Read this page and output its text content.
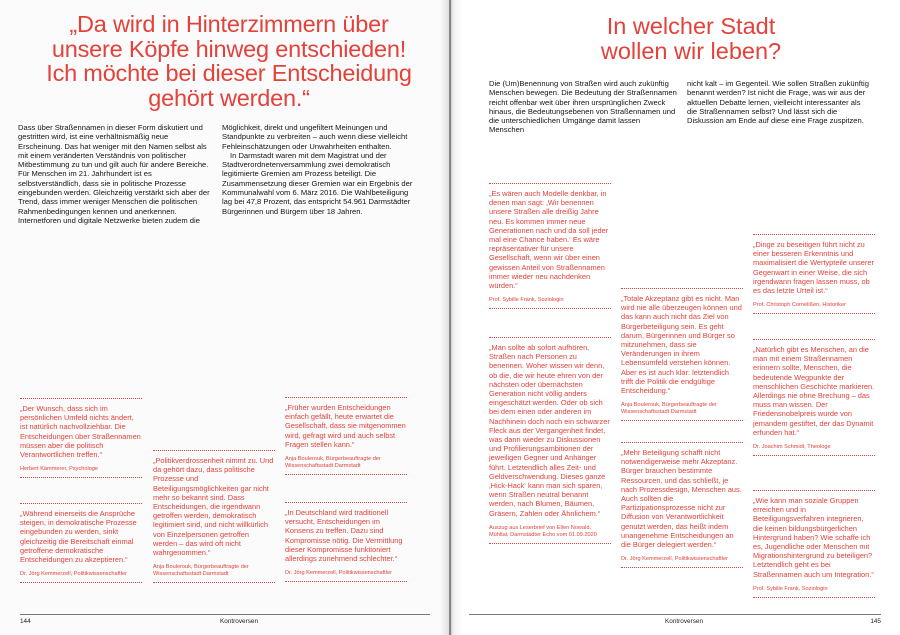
„Da wird in Hinterzimmern über
unsere Köpfe hinweg entschieden!
Ich möchte bei dieser Entscheidung
gehört werden.“

Dass über Straßennamen in dieser Form diskutiert und gestritten wird, ist eine verhältnismäßig neue Erscheinung. Das hat weniger mit den Namen selbst als mit einem veränderten Verständnis von politischer Mitbestimmung zu tun und gilt auch für andere Bereiche. Für Menschen im 21. Jahrhundert ist es selbstverständlich, dass sie in politische Prozesse eingebunden werden. Gleichzeitig verstärkt sich aber der Trend, dass immer weniger Menschen die politischen Rahmenbedingungen kennen und anerkennen. Internetforen und digitale Netzwerke bieten zudem die

Möglichkeit, direkt und ungefiltert Meinungen und Standpunkte zu verbreiten – auch wenn diese vielleicht Fehleinschätzungen oder Unwahrheiten enthalten.

In Darmstadt waren mit dem Magistrat und der Stadtverordnetenversammlung zwei demokratisch legitimierte Gremien am Prozess beteiligt. Die Zusammensetzung dieser Gremien war ein Ergebnis der Kommunalwahl vom 6. März 2016. Die Wahlbeteiligung lag bei 47,8 Prozent, das entspricht 54.961 Darmstädter Bürgerinnen und Bürgern über 18 Jahren.

„Der Wunsch, dass sich im persönlichen Umfeld nichts ändert, ist natürlich nachvollziehbar. Die Entscheidungen über Straßennamen müssen aber die politisch Verantwortlichen treffen.“

Herbert Kämmerer, Psychologe

„Während einerseits die Ansprüche steigen, in demokratische Prozesse eingebunden zu werden, sinkt gleichzeitig die Bereitschaft einmal getroffene demokratische Entscheidungen zu akzeptieren.“

Dr. Jörg Kemmerzell, Politikwissenschaftler

„Politikverdrossenheit nimmt zu. Und da gehört dazu, dass politische Prozesse und Beteiligungsmöglichkeiten gar nicht mehr so bekannt sind. Dass Entscheidungen, die irgendwann getroffen werden, demokratisch legitimiert sind, und nicht willkürlich von Einzelpersonen getroffen werden – das wird oft nicht wahrgenommen.“

Anja Boulerouk, Bürgerbeauftragte der Wissenschaftsstadt Darmstadt

„Früher wurden Entscheidungen einfach gefällt, heute erwartet die Gesellschaft, dass sie mitgenommen wird, gefragt wird und auch selbst Fragen stellen kann.“

Anja Boulerouk, Bürgerbeauftragte der Wissenschaftsstadt Darmstadt

„In Deutschland wird traditionell versucht, Entscheidungen im Konsens zu treffen. Dazu sind Kompromisse nötig. Die Vermittlung dieser Kompromisse funktioniert allerdings zunehmend schlechter.“

Dr. Jörg Kemmerzell, Politikwissenschaftler

144	Kontroversen
In welcher Stadt
wollen wir leben?

Die (Um)Benennung von Straßen wird auch zukünftig Menschen bewegen. Die Bedeutung der Straßennamen reicht offenbar weit über ihren ursprünglichen Zweck hinaus, die Bedeutungsebenen von Straßennamen und die unterschiedlichen Umgänge damit lassen Menschen

nicht kalt – im Gegenteil. Wie sollen Straßen zukünftig benannt werden? Ist nicht die Frage, was wir aus der aktuellen Debatte lernen, vielleicht interessanter als die Straßennamen selbst? Und lässt sich die Diskussion am Ende auf diese eine Frage zuspitzen.

„Es wären auch Modelle denkbar, in denen man sagt: ‚Wir benennen unsere Straßen alle dreißig Jahre neu. Es kommen immer neue Generationen nach und da soll jeder mal eine Chance haben.‘ Es wäre repräsentativer für unsere Gesellschaft, wenn wir über einen gewissen Anteil von Straßennamen immer wieder neu nachdenken würden.“

Prof. Sybille Frank, Soziologin

„Man sollte ab sofort aufhören, Straßen nach Personen zu benennen. Woher wissen wir denn, ob die, die wir heute ehren von der nächsten oder übernächsten Generation nicht völlig anders eingeschätzt werden. Oder ob sich bei dem einen oder anderen im Nachhinein doch noch ein schwarzer Fleck aus der Vergangenheit findet, was dann wieder zu Diskussionen und Profilierungsambitionen der jeweiligen Gegner und Anhänger führt. Letztendlich alles Zeit- und Geldverschwendung. Dieses ganze ‚Hick-Hack‘ kann man sich sparen, wenn Straßen neutral benannt werden, nach Blumen, Bäumen, Gräsern, Zahlen oder Ähnlichem.“

Auszug aus Leserbrief von Ellen Nowald, Mühltal, Darmstädter Echo vom 01.09.2020

„Totale Akzeptanz gibt es nicht. Man wird nie alle überzeugen können und das kann auch nicht das Ziel von Bürgerbeteiligung sein. Es geht darum, Bürgerinnen und Bürger so mitzunehmen, dass sie Veränderungen in ihrem Lebensumfeld verstehen können. Aber es ist auch klar: letztendlich trifft die Politik die endgültige Entscheidung.“

Anja Boulerouk, Bürgerbeauftragte der Wissenschaftsstadt Darmstadt

„Mehr Beteiligung schafft nicht notwendigerweise mehr Akzeptanz. Bürger brauchen bestimmte Ressourcen, und das schließt, je nach Prozessdesign, Menschen aus. Auch sollten die Partizipationsprozesse nicht zur Diffusion von Verantwortlichkeit genutzt werden, das heißt indem unangenehme Entscheidungen an die Bürger delegiert werden.“

Dr. Jörg Kemmerzell, Politikwissenschaftler

„Dinge zu beseitigen führt nicht zu einer besseren Erkenntnis und maximalisiert die Wertурteile unserer Gegenwart in einer Weise, die sich irgendwann fragen lassen muss, ob es das letzte Urteil ist.“

Prof. Christoph Cornelißen, Historiker

„Natürlich gibt es Menschen, an die man mit einem Straßennamen erinnern sollte, Menschen, die bedeutende Wegpunkte der menschlichen Geschichte markieren. Allerdings nie ohne Brechung – das muss man wissen. Der Friedensnobelpreis wurde von jemandem gestiftet, der das Dynamit erfunden hat.“

Dr. Joachim Schmidt, Theologe

„Wie kann man soziale Gruppen erreichen und in Beteiligungsverfahren integrieren, die keinen bildungsbürgerlichen Hintergrund haben? Wie schaffe ich es, Jugendliche oder Menschen mit Migrationshintergrund zu beteiligen? Letztendlich geht es bei Straßennamen auch um Integration.“

Prof. Sybille Frank, Soziologin

Kontroversen	145
